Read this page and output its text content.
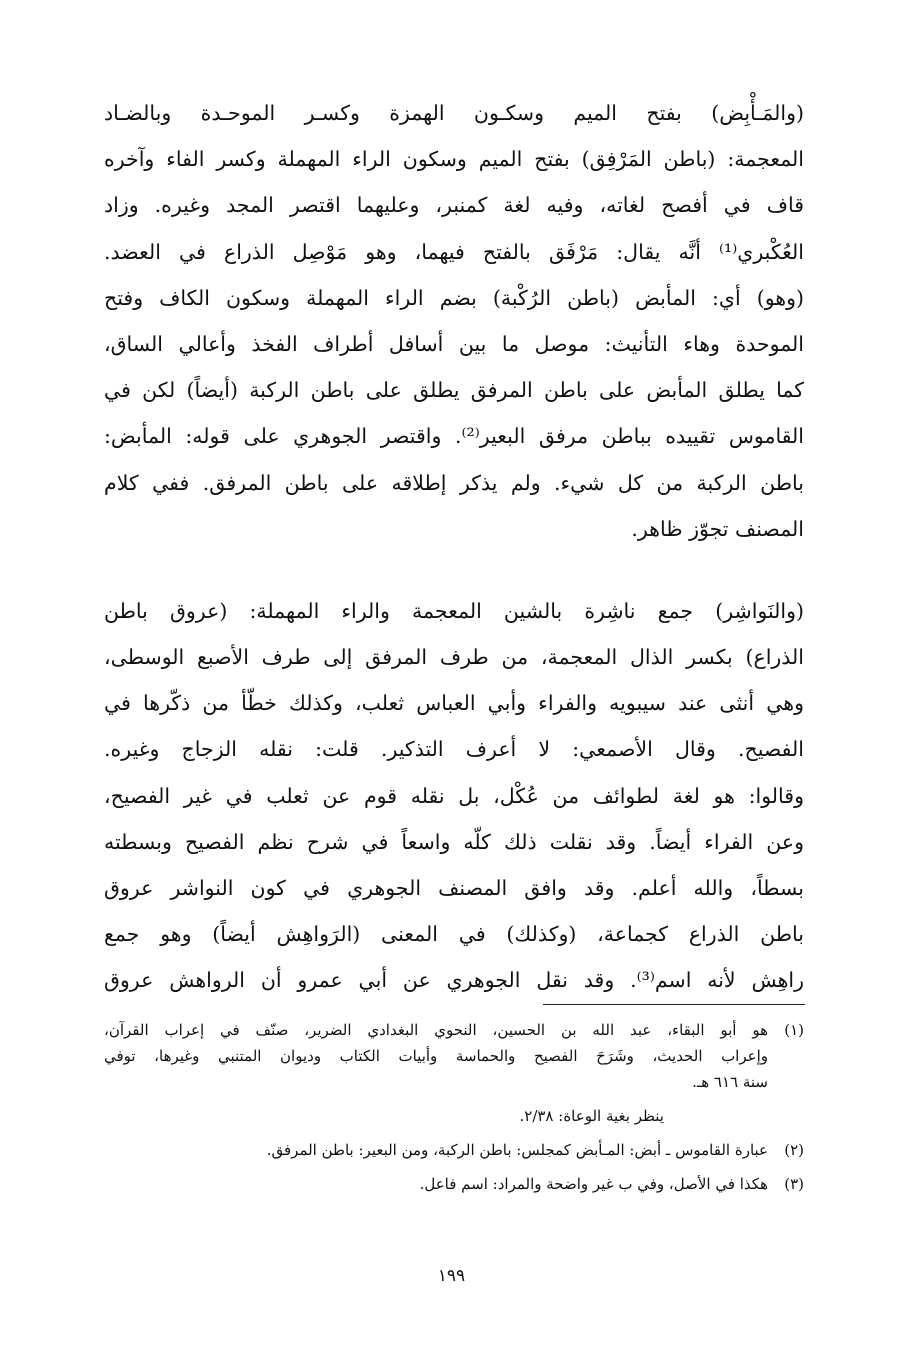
(والمَـأْبِض) بفتح الميم وسكـون الهمزة وكسـر الموحـدة وبالضـاد
المعجمة: (باطن المَرْفِق) بفتح الميم وسكون الراء المهملة وكسر الفاء وآخره
قاف في أفصح لغاته، وفيه لغة كمنبر، وعليهما اقتصر المجد وغيره. وزاد
العُكْبري⁽¹⁾ أنَّه يقال: مَرْفَق بالفتح فيهما، وهو مَوْصِل الذراع في العضد.
(وهو) أي: المأبض (باطن الرُكْبة) بضم الراء المهملة وسكون الكاف وفتح
الموحدة وهاء التأنيث: موصل ما بين أسافل أطراف الفخذ وأعالي الساق،
كما يطلق المأبض على باطن المرفق يطلق على باطن الركبة (أيضاً) لكن في
القاموس تقييده بباطن مرفق البعير⁽²⁾. واقتصر الجوهري على قوله: المأبض:
باطن الركبة من كل شيء. ولم يذكر إطلاقه على باطن المرفق. ففي كلام
المصنف تجوّز ظاهر.
(والنَواشِر) جمع ناشِرة بالشين المعجمة والراء المهملة: (عروق باطن
الذراع) بكسر الذال المعجمة، من طرف المرفق إلى طرف الأصبع الوسطى،
وهي أنثى عند سيبويه والفراء وأبي العباس ثعلب، وكذلك خطّأ من ذكّرها في
الفصيح. وقال الأصمعي: لا أعرف التذكير. قلت: نقله الزجاج وغيره.
وقالوا: هو لغة لطوائف من عُكْل، بل نقله قوم عن ثعلب في غير الفصيح،
وعن الفراء أيضاً. وقد نقلت ذلك كلّه واسعاً في شرح نظم الفصيح وبسطته
بسطاً، والله أعلم. وقد وافق المصنف الجوهري في كون النواشر عروق
باطن الذراع كجماعة، (وكذلك) في المعنى (الرَواهِش أيضاً) وهو جمع
راهِش لأنه اسم⁽³⁾. وقد نقل الجوهري عن أبي عمرو أن الرواهش عروق
(١)
هو أبو البقاء، عبد الله بن الحسين، النحوي البغدادي الضرير، صنّف في إعراب القرآن،
وإعراب الحديث، وشَرَحَ الفصيح والحماسة وأبيات الكتاب وديوان المتنبي وغيرها، توفي
سنة ٦١٦ هـ.
ينظر بغية الوعاة: ٢/٣٨.
(٢)
عبارة القاموس ـ أبض: المـأبض كمجلس: باطن الركبة، ومن البعير: باطن المرفق.
(٣)
هكذا في الأصل، وفي ب غير واضحة والمراد: اسم فاعل.
١٩٩
